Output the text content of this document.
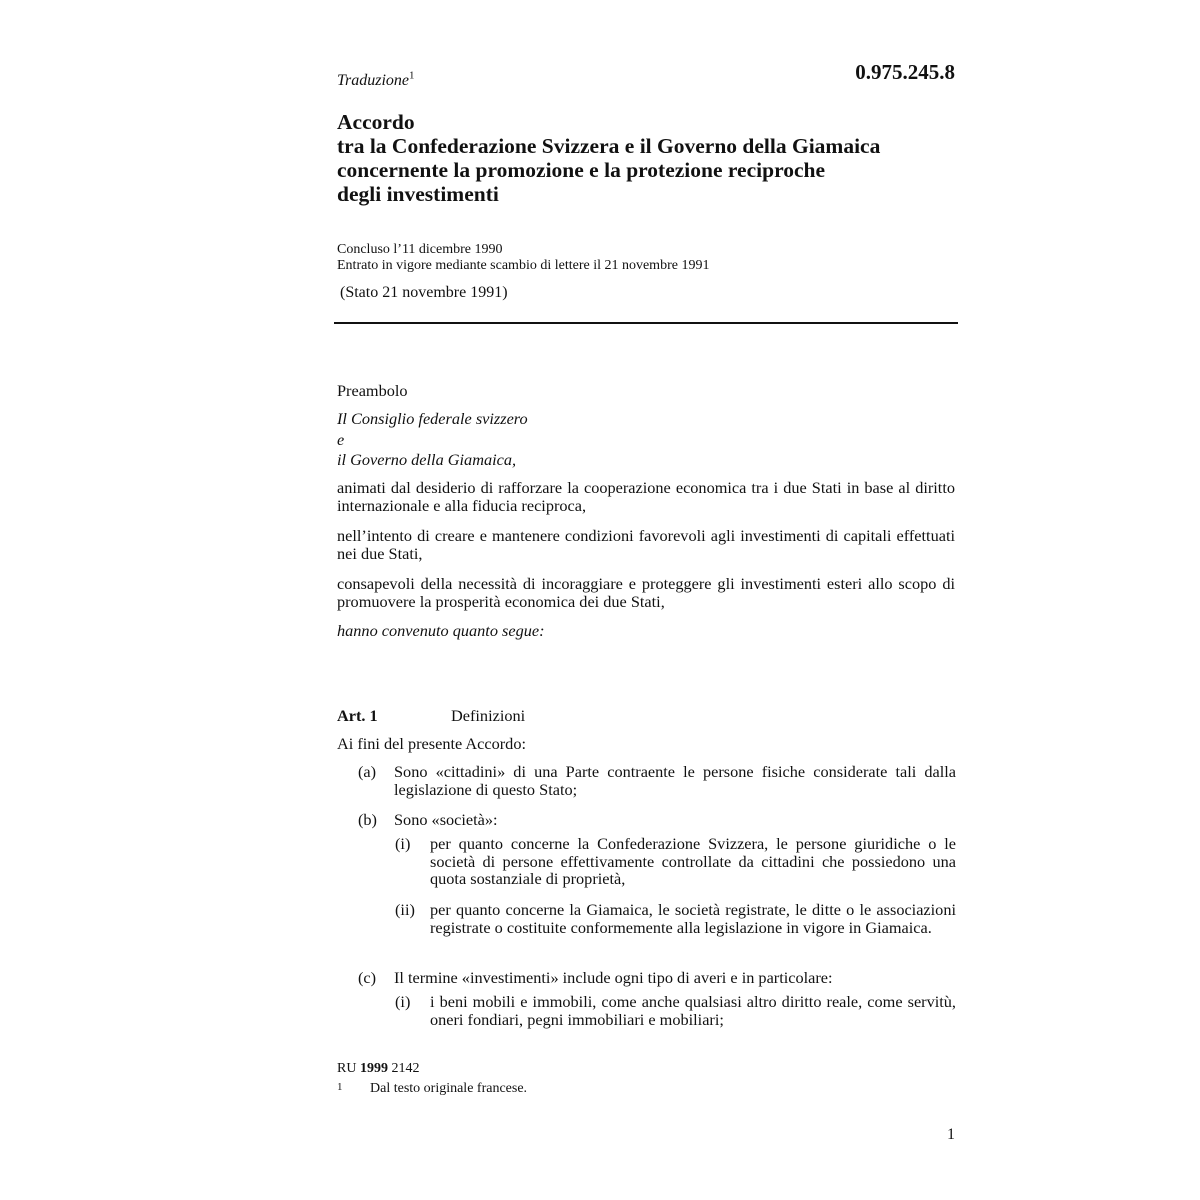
Traduzione$^1$	0.975.245.8
Accordo
tra la Confederazione Svizzera e il Governo della Giamaica
concernente la promozione e la protezione reciproche
degli investimenti
Concluso l’11 dicembre 1990
Entrato in vigore mediante scambio di lettere il 21 novembre 1991
(Stato 21 novembre 1991)
Preambolo
Il Consiglio federale svizzero
e
il Governo della Giamaica,
animati dal desiderio di rafforzare la cooperazione economica tra i due Stati in base al diritto internazionale e alla fiducia reciproca,
nell’intento di creare e mantenere condizioni favorevoli agli investimenti di capitali effettuati nei due Stati,
consapevoli della necessità di incoraggiare e proteggere gli investimenti esteri allo scopo di promuovere la prosperità economica dei due Stati,
hanno convenuto quanto segue:
Art. 1	Definizioni
Ai fini del presente Accordo:
(a) Sono «cittadini» di una Parte contraente le persone fisiche considerate tali dalla legislazione di questo Stato;
(b) Sono «società»:
(i) per quanto concerne la Confederazione Svizzera, le persone giuridiche o le società di persone effettivamente controllate da cittadini che possiedono una quota sostanziale di proprietà,
(ii) per quanto concerne la Giamaica, le società registrate, le ditte o le associazioni registrate o costituite conformemente alla legislazione in vigore in Giamaica.
(c) Il termine «investimenti» include ogni tipo di averi e in particolare:
(i) i beni mobili e immobili, come anche qualsiasi altro diritto reale, come servitù, oneri fondiari, pegni immobiliari e mobiliari;
RU 1999 2142
1 Dal testo originale francese.
1
